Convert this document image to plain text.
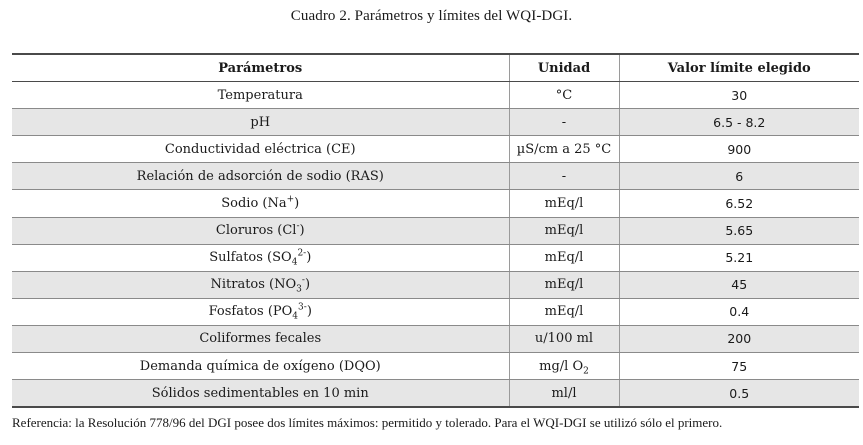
Cuadro 2. Parámetros y límites del WQI-DGI.
Parámetros	Unidad	Valor límite elegido
Temperatura	°C	30
pH	-	6.5 - 8.2
Conductividad eléctrica (CE)	µS/cm a 25 °C	900
Relación de adsorción de sodio (RAS)	-	6
Sodio (Na+)	mEq/l	6.52
Cloruros (Cl-)	mEq/l	5.65
Sulfatos $(SO_4^{2-})$	mEq/l	5.21
Nitratos $(NO_3^-)$	mEq/l	45
Fosfatos $(PO_4^{3-})$	mEq/l	0.4
Coliformes fecales	u/100 ml	200
Demanda química de oxígeno (DQO)	mg/l $O_2$	75
Sólidos sedimentables en 10 min	ml/l	0.5
Referencia: la Resolución 778/96 del DGI posee dos límites máximos: permitido y tolerado. Para el WQI-DGI se utilizó sólo el primero.
